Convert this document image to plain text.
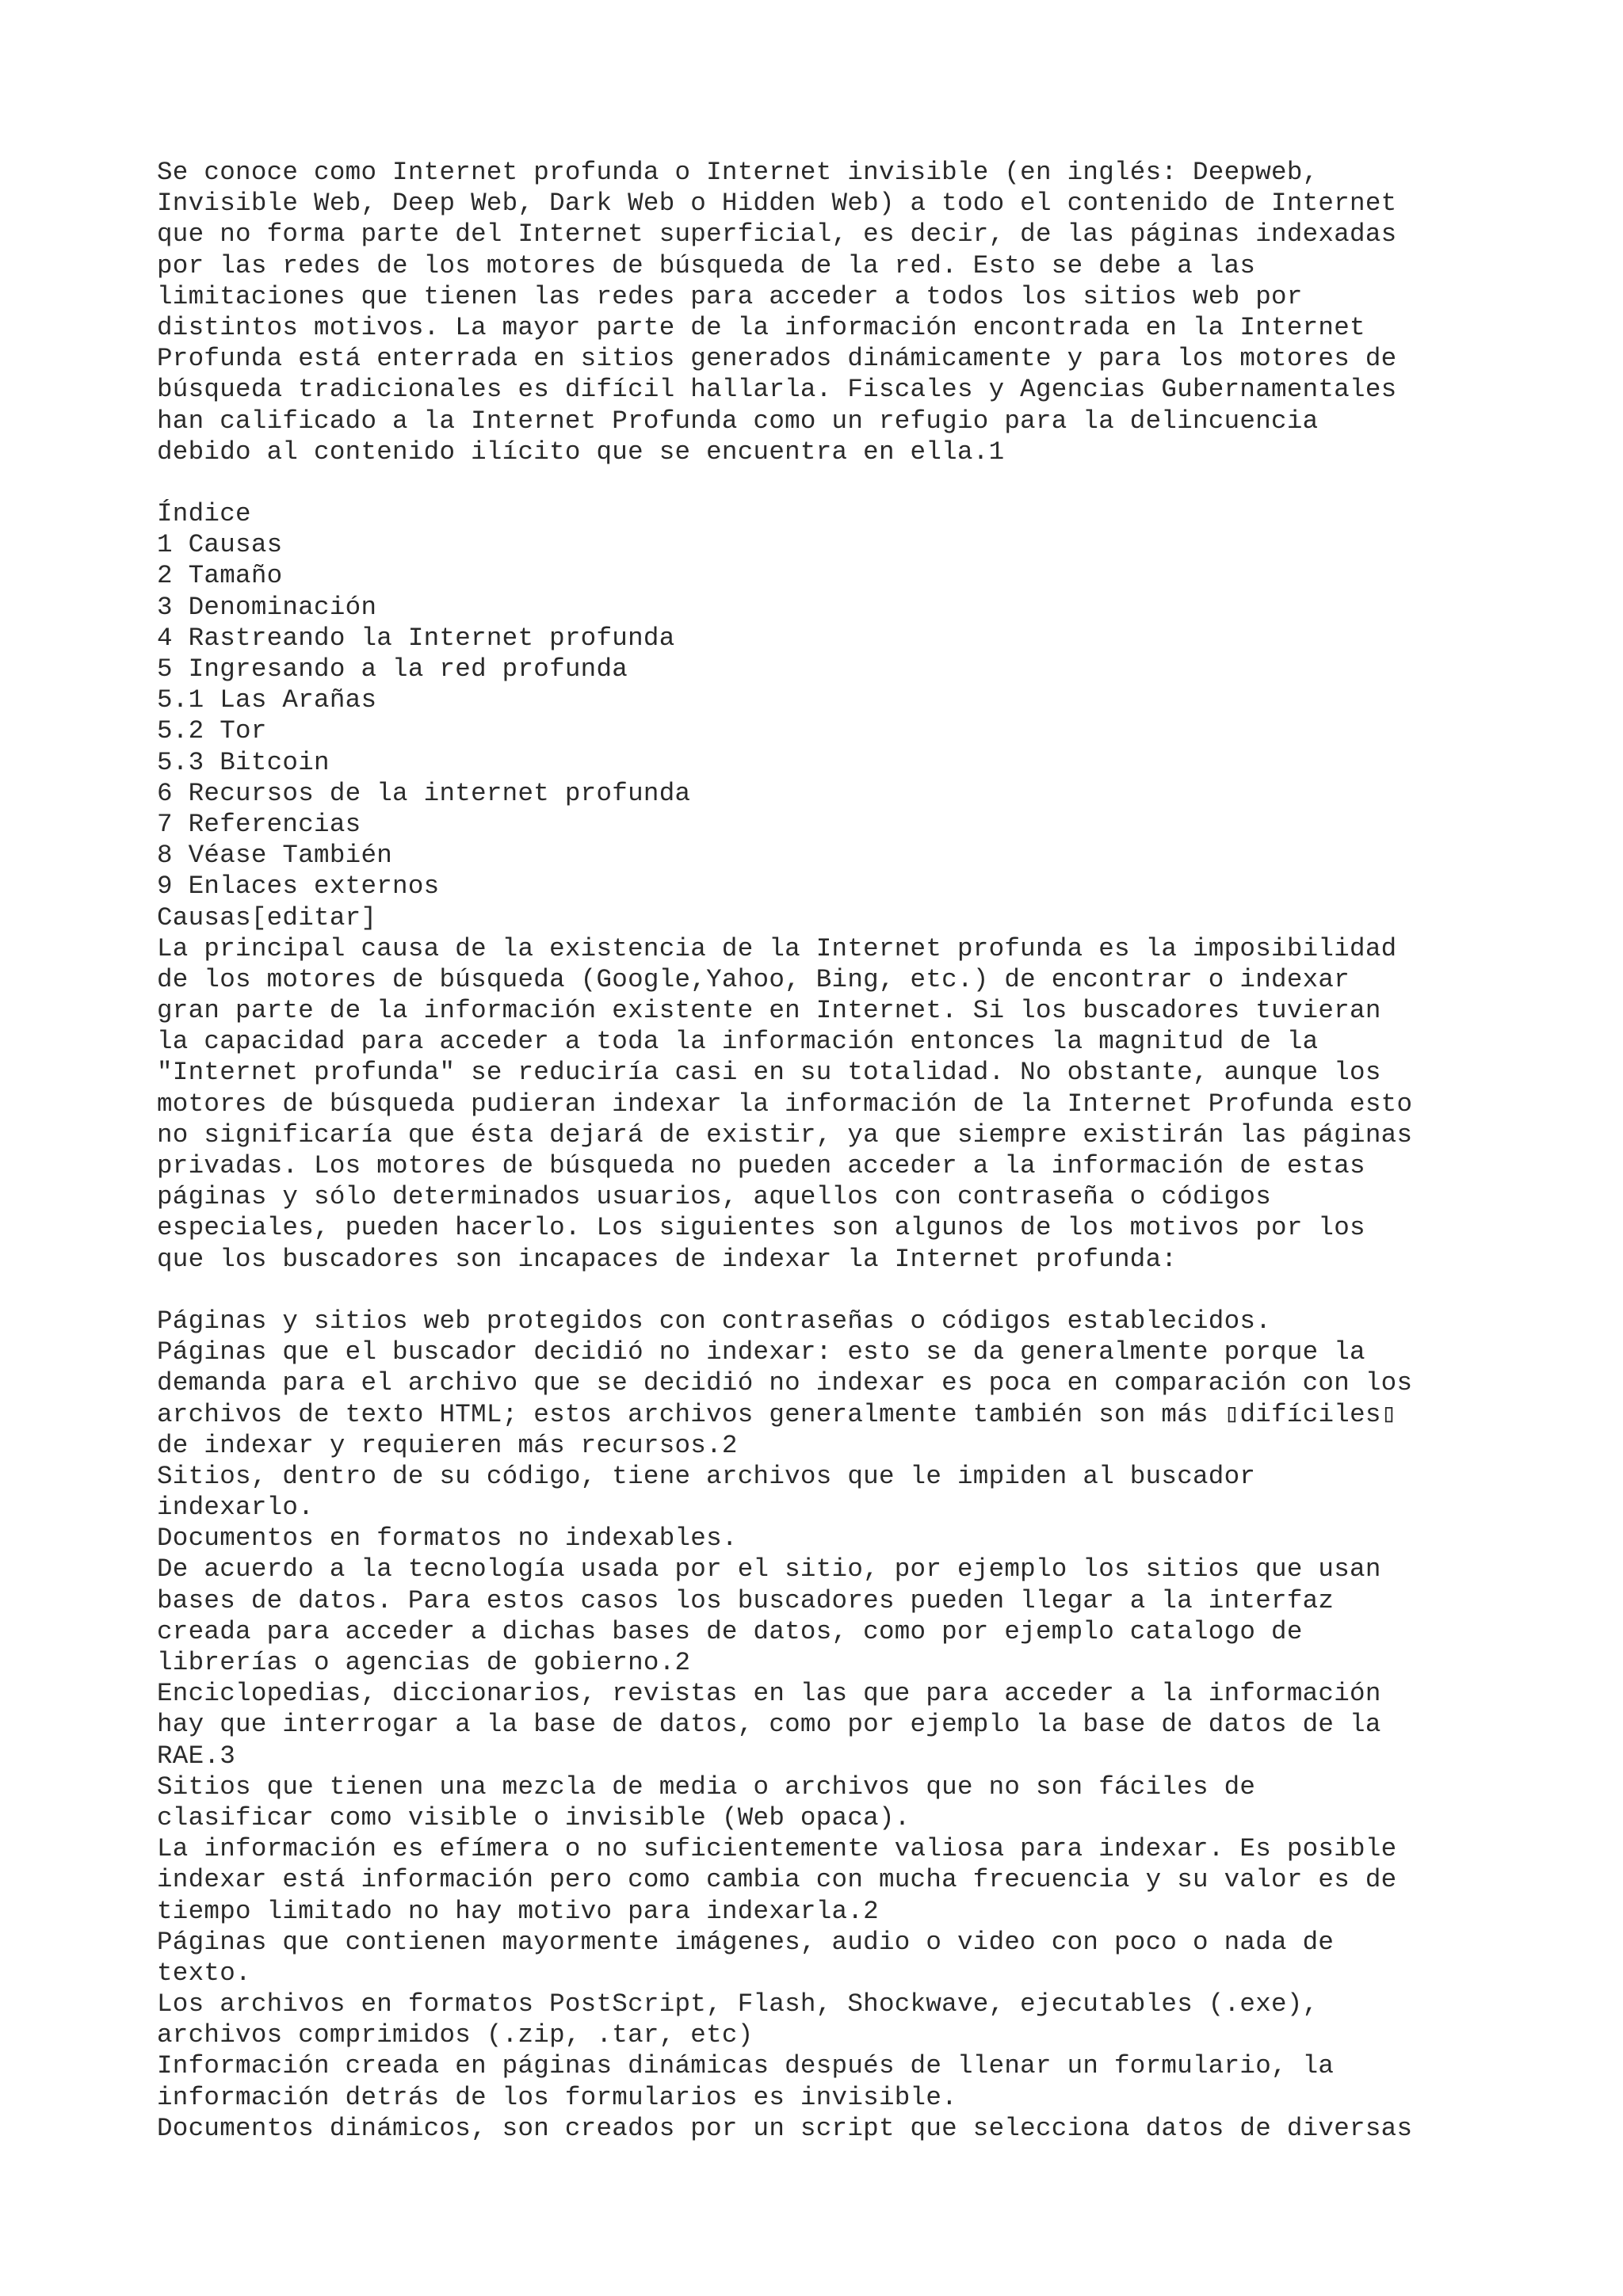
Se conoce como Internet profunda o Internet invisible (en inglés: Deepweb,
Invisible Web, Deep Web, Dark Web o Hidden Web) a todo el contenido de Internet
que no forma parte del Internet superficial, es decir, de las páginas indexadas
por las redes de los motores de búsqueda de la red. Esto se debe a las
limitaciones que tienen las redes para acceder a todos los sitios web por
distintos motivos. La mayor parte de la información encontrada en la Internet
Profunda está enterrada en sitios generados dinámicamente y para los motores de
búsqueda tradicionales es difícil hallarla. Fiscales y Agencias Gubernamentales
han calificado a la Internet Profunda como un refugio para la delincuencia
debido al contenido ilícito que se encuentra en ella.1
Índice
1 Causas
2 Tamaño
3 Denominación
4 Rastreando la Internet profunda
5 Ingresando a la red profunda
5.1 Las Arañas
5.2 Tor
5.3 Bitcoin
6 Recursos de la internet profunda
7 Referencias
8 Véase También
9 Enlaces externos
Causas[editar]
La principal causa de la existencia de la Internet profunda es la imposibilidad
de los motores de búsqueda (Google,Yahoo, Bing, etc.) de encontrar o indexar
gran parte de la información existente en Internet. Si los buscadores tuvieran
la capacidad para acceder a toda la información entonces la magnitud de la
"Internet profunda" se reduciría casi en su totalidad. No obstante, aunque los
motores de búsqueda pudieran indexar la información de la Internet Profunda esto
no significaría que ésta dejará de existir, ya que siempre existirán las páginas
privadas. Los motores de búsqueda no pueden acceder a la información de estas
páginas y sólo determinados usuarios, aquellos con contraseña o códigos
especiales, pueden hacerlo. Los siguientes son algunos de los motivos por los
que los buscadores son incapaces de indexar la Internet profunda:
Páginas y sitios web protegidos con contraseñas o códigos establecidos.
Páginas que el buscador decidió no indexar: esto se da generalmente porque la
demanda para el archivo que se decidió no indexar es poca en comparación con los
archivos de texto HTML; estos archivos generalmente también son más ▯difíciles▯
de indexar y requieren más recursos.2
Sitios, dentro de su código, tiene archivos que le impiden al buscador
indexarlo.
Documentos en formatos no indexables.
De acuerdo a la tecnología usada por el sitio, por ejemplo los sitios que usan
bases de datos. Para estos casos los buscadores pueden llegar a la interfaz
creada para acceder a dichas bases de datos, como por ejemplo catalogo de
librerías o agencias de gobierno.2
Enciclopedias, diccionarios, revistas en las que para acceder a la información
hay que interrogar a la base de datos, como por ejemplo la base de datos de la
RAE.3
Sitios que tienen una mezcla de media o archivos que no son fáciles de
clasificar como visible o invisible (Web opaca).
La información es efímera o no suficientemente valiosa para indexar. Es posible
indexar está información pero como cambia con mucha frecuencia y su valor es de
tiempo limitado no hay motivo para indexarla.2
Páginas que contienen mayormente imágenes, audio o video con poco o nada de
texto.
Los archivos en formatos PostScript, Flash, Shockwave, ejecutables (.exe),
archivos comprimidos (.zip, .tar, etc)
Información creada en páginas dinámicas después de llenar un formulario, la
información detrás de los formularios es invisible.
Documentos dinámicos, son creados por un script que selecciona datos de diversas
